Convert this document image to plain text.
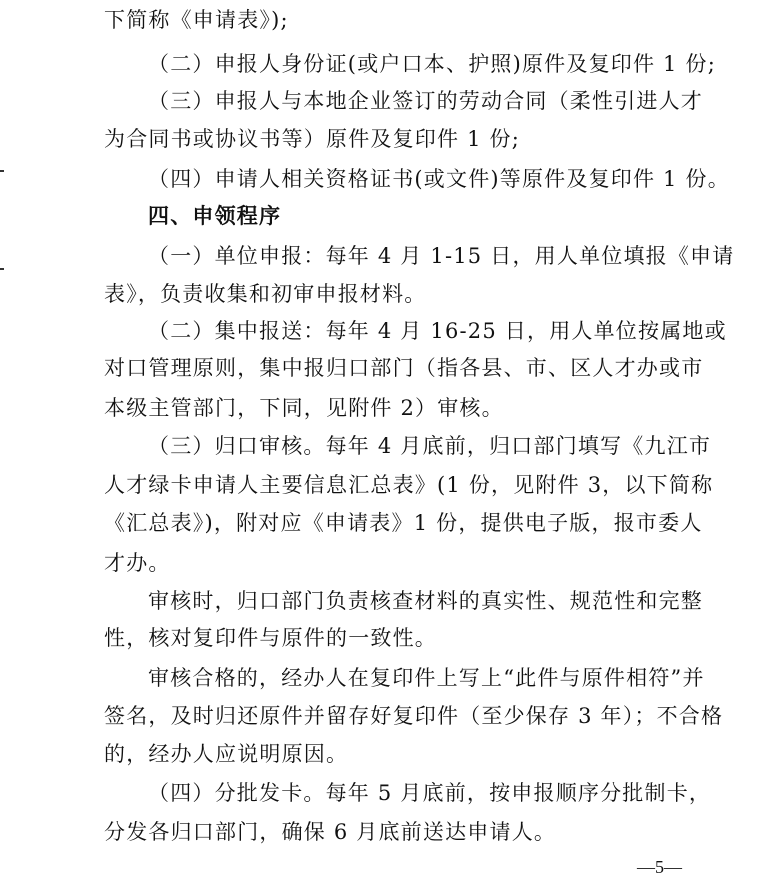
下简称《申请表》);
（二）申报人身份证(或户口本、护照)原件及复印件 1 份;
（三）申报人与本地企业签订的劳动合同（柔性引进人才
为合同书或协议书等）原件及复印件 1 份;
（四）申请人相关资格证书(或文件)等原件及复印件 1 份。
四、申领程序
（一）单位申报：每年 4 月 1-15 日，用人单位填报《申请
表》，负责收集和初审申报材料。
（二）集中报送：每年 4 月 16-25 日，用人单位按属地或
对口管理原则，集中报归口部门（指各县、市、区人才办或市
本级主管部门，下同，见附件 2）审核。
（三）归口审核。每年 4 月底前，归口部门填写《九江市
人才绿卡申请人主要信息汇总表》(1 份，见附件 3，以下简称
《汇总表》)，附对应《申请表》1 份，提供电子版，报市委人
才办。
审核时，归口部门负责核查材料的真实性、规范性和完整
性，核对复印件与原件的一致性。
审核合格的，经办人在复印件上写上“此件与原件相符”并
签名，及时归还原件并留存好复印件（至少保存 3 年）；不合格
的，经办人应说明原因。
（四）分批发卡。每年 5 月底前，按申报顺序分批制卡，
分发各归口部门，确保 6 月底前送达申请人。
—5—
